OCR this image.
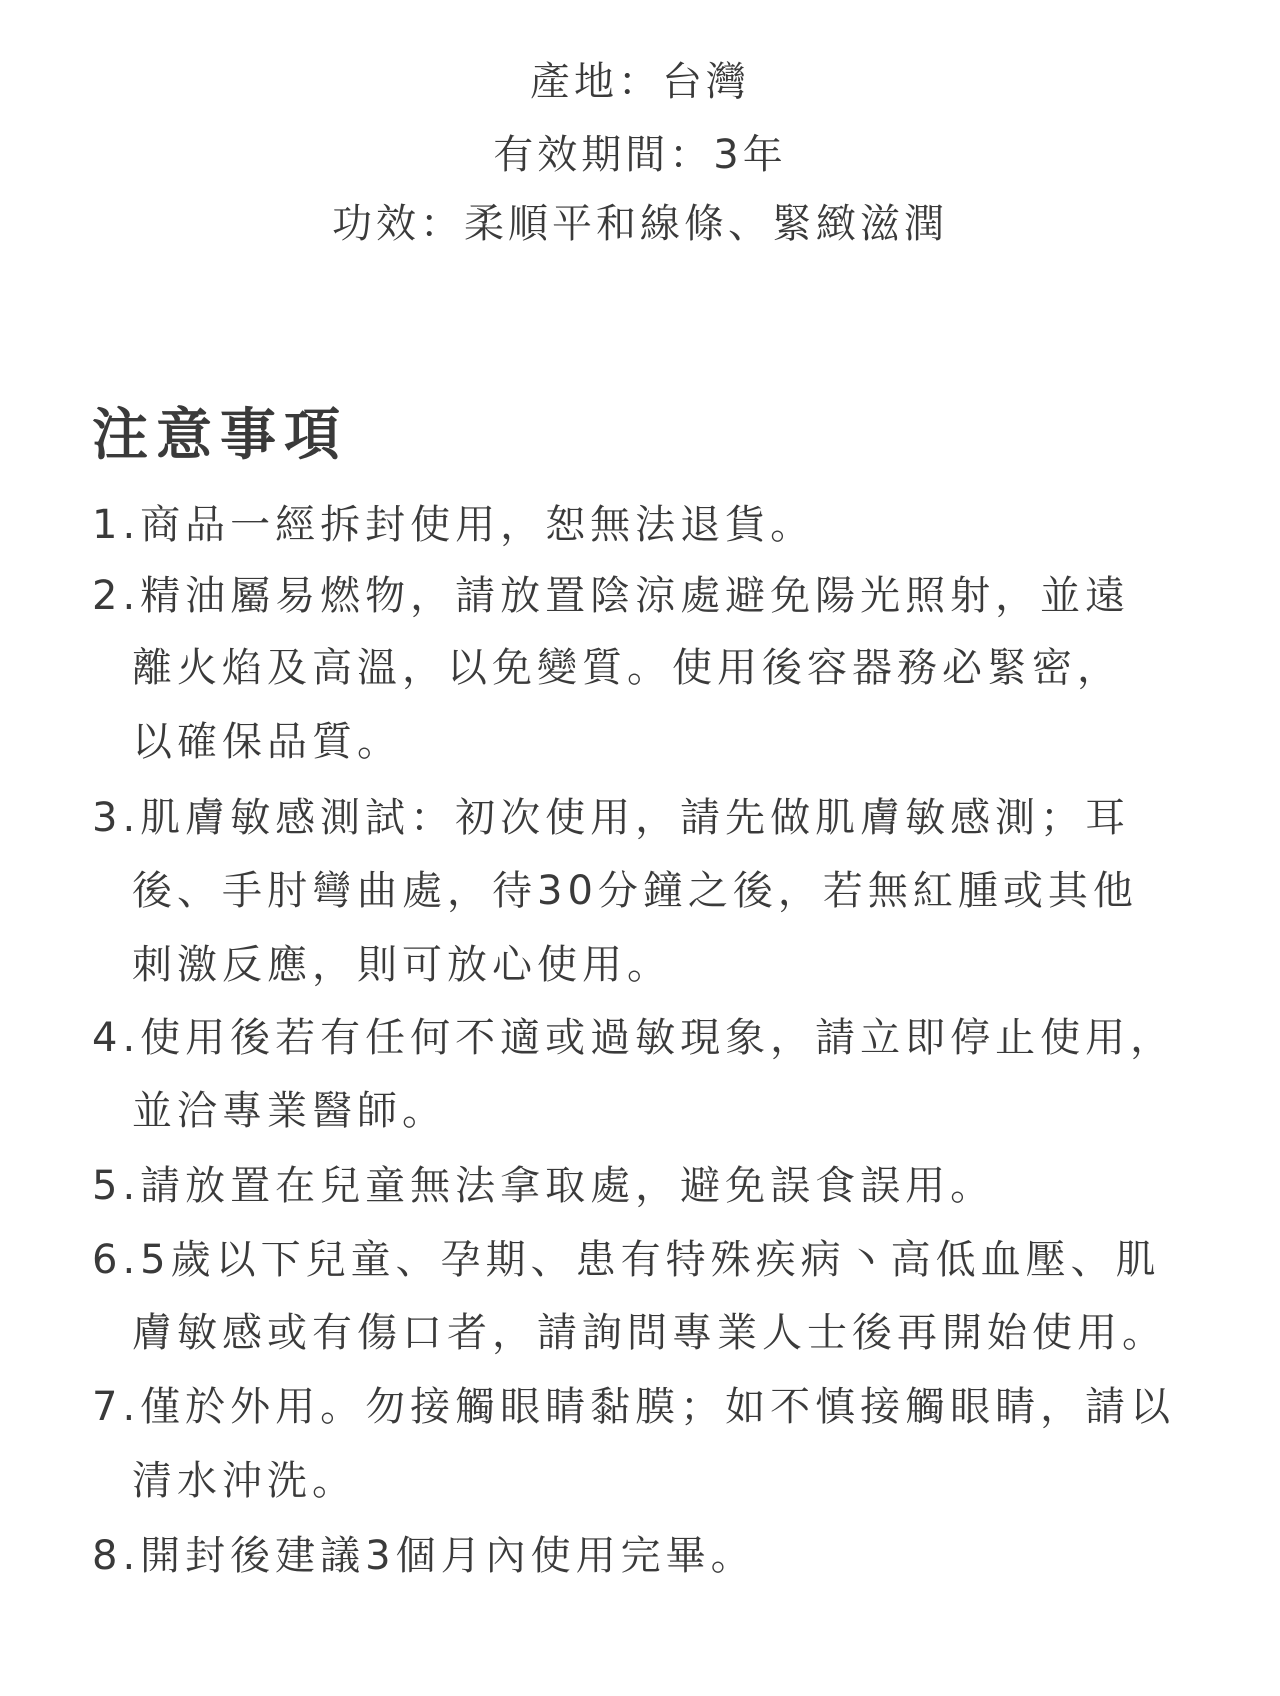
產地：台灣
有效期間：3年
功效：柔順平和線條、緊緻滋潤
注意事項
1.商品一經拆封使用，恕無法退貨。
2.精油屬易燃物，請放置陰涼處避免陽光照射，並遠
離火焰及高溫，以免變質。使用後容器務必緊密，
以確保品質。
3.肌膚敏感測試：初次使用，請先做肌膚敏感測；耳
後、手肘彎曲處，待30分鐘之後，若無紅腫或其他
刺激反應，則可放心使用。
4.使用後若有任何不適或過敏現象，請立即停止使用，
並洽專業醫師。
5.請放置在兒童無法拿取處，避免誤食誤用。
6.5歲以下兒童、孕期、患有特殊疾病丶高低血壓、肌
膚敏感或有傷口者，請詢問專業人士後再開始使用。
7.僅於外用。勿接觸眼睛黏膜；如不慎接觸眼睛，請以
清水沖洗。
8.開封後建議3個月內使用完畢。
